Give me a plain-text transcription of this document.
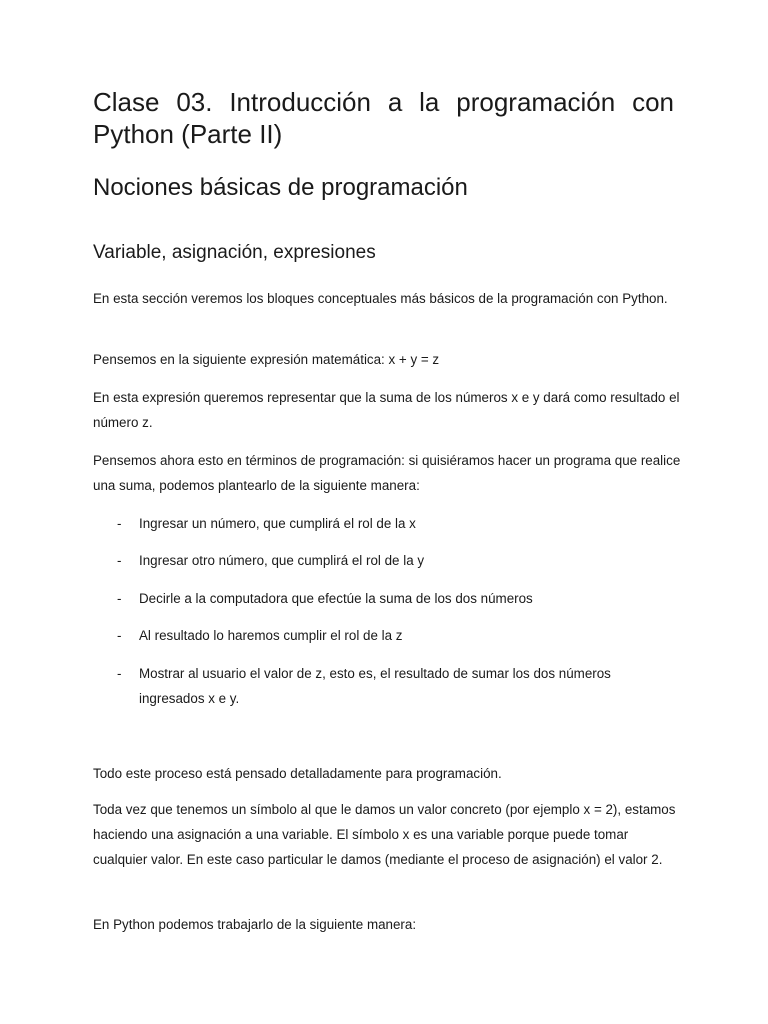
Clase 03. Introducción a la programación con Python (Parte II)
Nociones básicas de programación
Variable, asignación, expresiones

En esta sección veremos los bloques conceptuales más básicos de la programación con Python.

Pensemos en la siguiente expresión matemática: x + y = z

En esta expresión queremos representar que la suma de los números x e y dará como resultado el número z.

Pensemos ahora esto en términos de programación: si quisiéramos hacer un programa que realice una suma, podemos plantearlo de la siguiente manera:

-	Ingresar un número, que cumplirá el rol de la x
-	Ingresar otro número, que cumplirá el rol de la y
-	Decirle a la computadora que efectúe la suma de los dos números
-	Al resultado lo haremos cumplir el rol de la z
-	Mostrar al usuario el valor de z, esto es, el resultado de sumar los dos números ingresados x e y.

Todo este proceso está pensado detalladamente para programación.

Toda vez que tenemos un símbolo al que le damos un valor concreto (por ejemplo x = 2), estamos haciendo una asignación a una variable. El símbolo x es una variable porque puede tomar cualquier valor. En este caso particular le damos (mediante el proceso de asignación) el valor 2.

En Python podemos trabajarlo de la siguiente manera:
